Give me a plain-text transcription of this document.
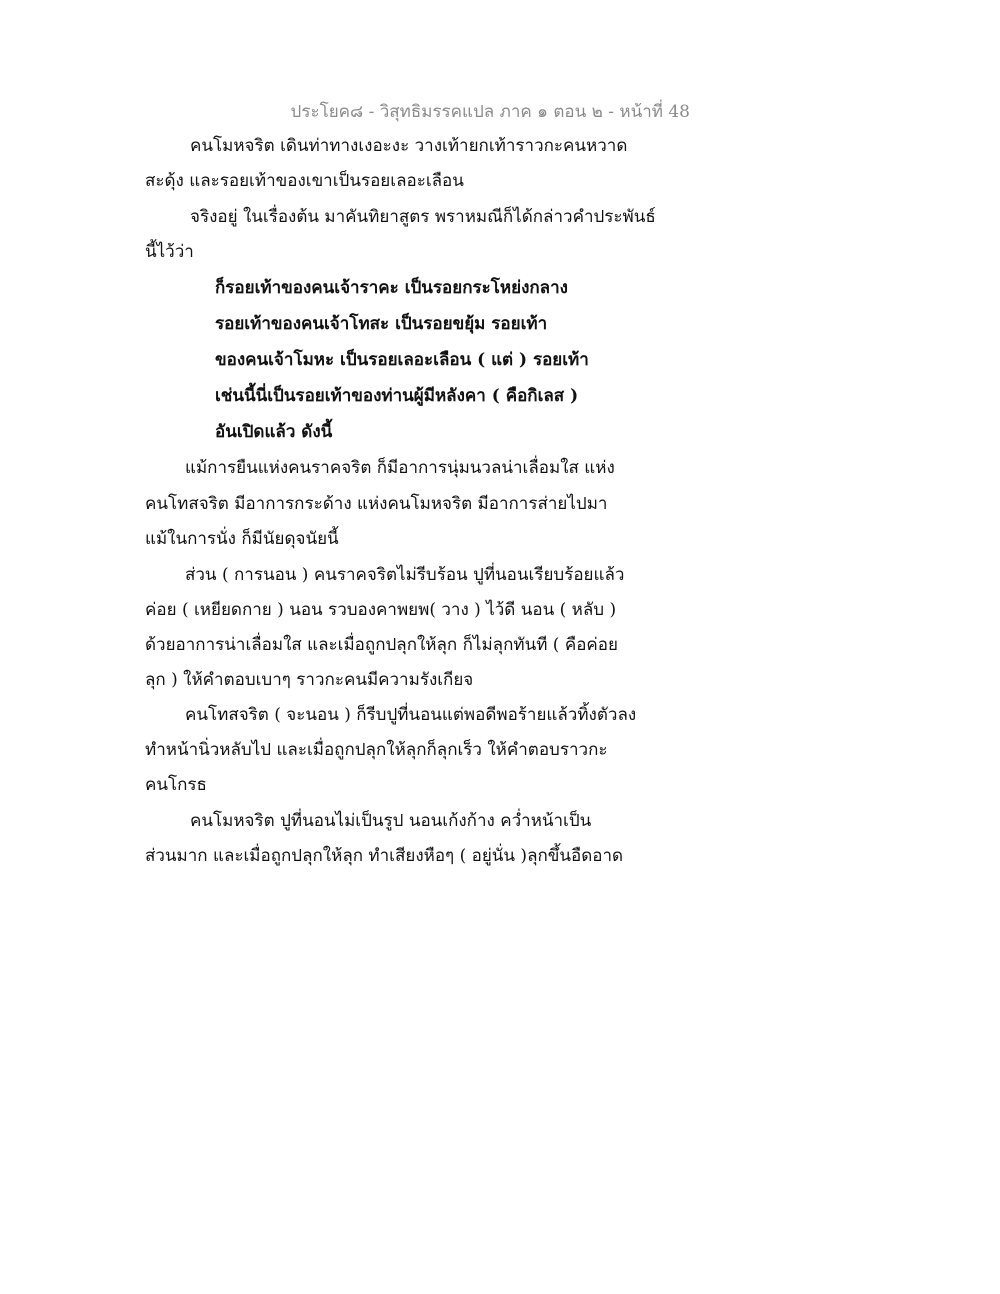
ประโยค๘ - วิสุทธิมรรคแปล ภาค ๑ ตอน ๒ - หน้าที่ 48
คนโมหจริต เดินท่าทางเงอะงะ วางเท้ายกเท้าราวกะคนหวาด
สะดุ้ง และรอยเท้าของเขาเป็นรอยเลอะเลือน
จริงอยู่ ในเรื่องต้น มาคันทิยาสูตร พราหมณีก็ได้กล่าวคำประพันธ์
นี้ไว้ว่า
ก็รอยเท้าของคนเจ้าราคะ เป็นรอยกระโหย่งกลาง
รอยเท้าของคนเจ้าโทสะ เป็นรอยขยุ้ม รอยเท้า
ของคนเจ้าโมหะ เป็นรอยเลอะเลือน ( แต่ ) รอยเท้า
เช่นนี้นี่เป็นรอยเท้าของท่านผู้มีหลังคา ( คือกิเลส )
อันเปิดแล้ว ดังนี้
แม้การยืนแห่งคนราคจริต ก็มีอาการนุ่มนวลน่าเลื่อมใส แห่ง
คนโทสจริต มีอาการกระด้าง แห่งคนโมหจริต มีอาการส่ายไปมา
แม้ในการนั่ง ก็มีนัยดุจนัยนี้
ส่วน ( การนอน ) คนราคจริตไม่รีบร้อน ปูที่นอนเรียบร้อยแล้ว
ค่อย ( เหยียดกาย ) นอน รวบองคาพยพ( วาง ) ไว้ดี นอน ( หลับ )
ด้วยอาการน่าเลื่อมใส และเมื่อถูกปลุกให้ลุก ก็ไม่ลุกทันที ( คือค่อย
ลุก ) ให้คำตอบเบาๆ ราวกะคนมีความรังเกียจ
คนโทสจริต ( จะนอน ) ก็รีบปูที่นอนแต่พอดีพอร้ายแล้วทิ้งตัวลง
ทำหน้านิ่วหลับไป และเมื่อถูกปลุกให้ลุกก็ลุกเร็ว ให้คำตอบราวกะ
คนโกรธ
คนโมหจริต ปูที่นอนไม่เป็นรูป นอนเก้งก้าง คว่ำหน้าเป็น
ส่วนมาก และเมื่อถูกปลุกให้ลุก ทำเสียงหือๆ ( อยู่นั่น )ลุกขึ้นอืดอาด
